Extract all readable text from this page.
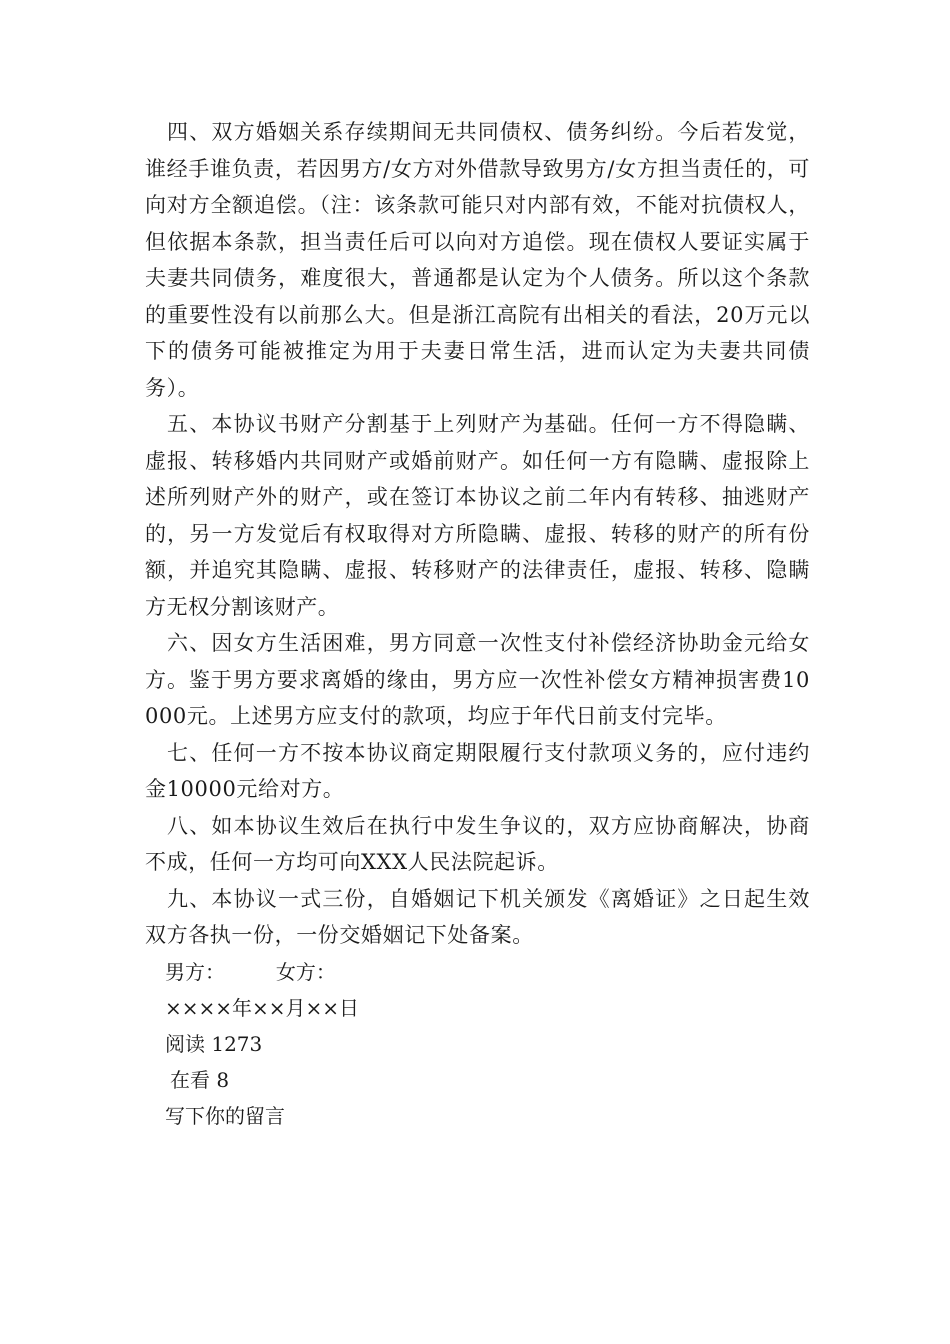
四、双方婚姻关系存续期间无共同债权、债务纠纷。今后若发觉，谁经手谁负责，若因男方/女方对外借款导致男方/女方担当责任的，可向对方全额追偿。（注：该条款可能只对内部有效，不能对抗债权人，但依据本条款，担当责任后可以向对方追偿。现在债权人要证实属于夫妻共同债务，难度很大，普通都是认定为个人债务。所以这个条款的重要性没有以前那么大。但是浙江高院有出相关的看法，20万元以下的债务可能被推定为用于夫妻日常生活，进而认定为夫妻共同债务）。

五、本协议书财产分割基于上列财产为基础。任何一方不得隐瞒、虚报、转移婚内共同财产或婚前财产。如任何一方有隐瞒、虚报除上述所列财产外的财产，或在签订本协议之前二年内有转移、抽逃财产的，另一方发觉后有权取得对方所隐瞒、虚报、转移的财产的所有份额，并追究其隐瞒、虚报、转移财产的法律责任，虚报、转移、隐瞒方无权分割该财产。

六、因女方生活困难，男方同意一次性支付补偿经济协助金元给女方。鉴于男方要求离婚的缘由，男方应一次性补偿女方精神损害费10000元。上述男方应支付的款项，均应于年代日前支付完毕。

七、任何一方不按本协议商定期限履行支付款项义务的，应付违约金10000元给对方。

八、如本协议生效后在执行中发生争议的，双方应协商解决，协商不成，任何一方均可向XXX人民法院起诉。

九、本协议一式三份，自婚姻记下机关颁发《离婚证》之日起生效双方各执一份，一份交婚姻记下处备案。

男方：        女方：

××××年××月××日

阅读 1273

在看 8

写下你的留言
